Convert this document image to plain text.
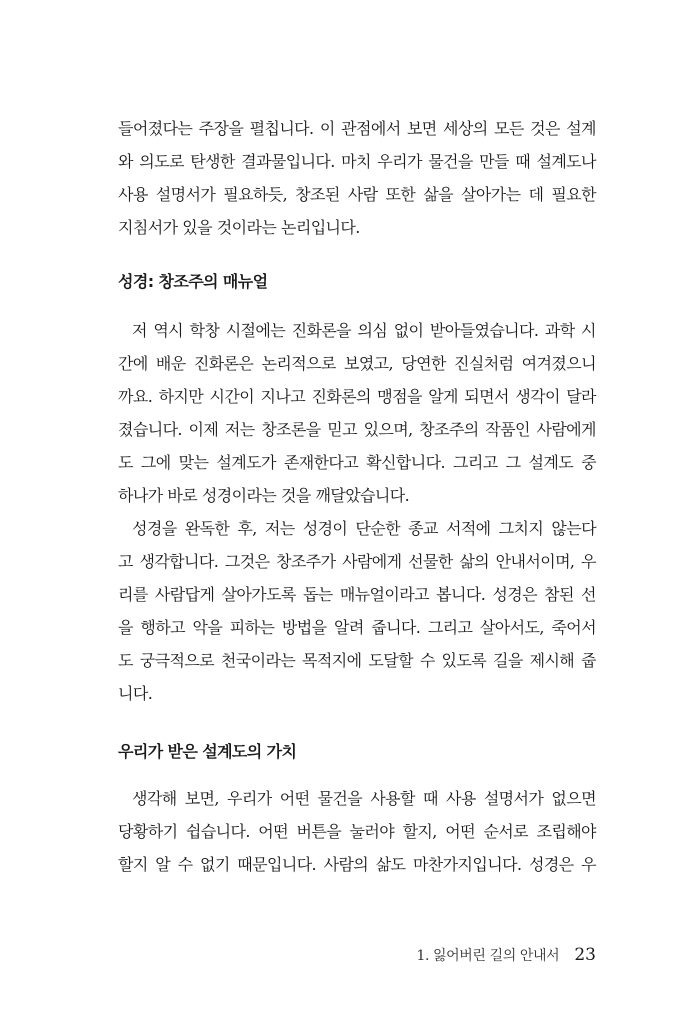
들어졌다는 주장을 펼칩니다. 이 관점에서 보면 세상의 모든 것은 설계
와 의도로 탄생한 결과물입니다. 마치 우리가 물건을 만들 때 설계도나
사용 설명서가 필요하듯, 창조된 사람 또한 삶을 살아가는 데 필요한
지침서가 있을 것이라는 논리입니다.
성경: 창조주의 매뉴얼
저 역시 학창 시절에는 진화론을 의심 없이 받아들였습니다. 과학 시
간에 배운 진화론은 논리적으로 보였고, 당연한 진실처럼 여겨졌으니
까요. 하지만 시간이 지나고 진화론의 맹점을 알게 되면서 생각이 달라
졌습니다. 이제 저는 창조론을 믿고 있으며, 창조주의 작품인 사람에게
도 그에 맞는 설계도가 존재한다고 확신합니다. 그리고 그 설계도 중
하나가 바로 성경이라는 것을 깨달았습니다.
성경을 완독한 후, 저는 성경이 단순한 종교 서적에 그치지 않는다
고 생각합니다. 그것은 창조주가 사람에게 선물한 삶의 안내서이며, 우
리를 사람답게 살아가도록 돕는 매뉴얼이라고 봅니다. 성경은 참된 선
을 행하고 악을 피하는 방법을 알려 줍니다. 그리고 살아서도, 죽어서
도 궁극적으로 천국이라는 목적지에 도달할 수 있도록 길을 제시해 줍
니다.
우리가 받은 설계도의 가치
생각해 보면, 우리가 어떤 물건을 사용할 때 사용 설명서가 없으면
당황하기 쉽습니다. 어떤 버튼을 눌러야 할지, 어떤 순서로 조립해야
할지 알 수 없기 때문입니다. 사람의 삶도 마찬가지입니다. 성경은 우
1. 잃어버린 길의 안내서 23
